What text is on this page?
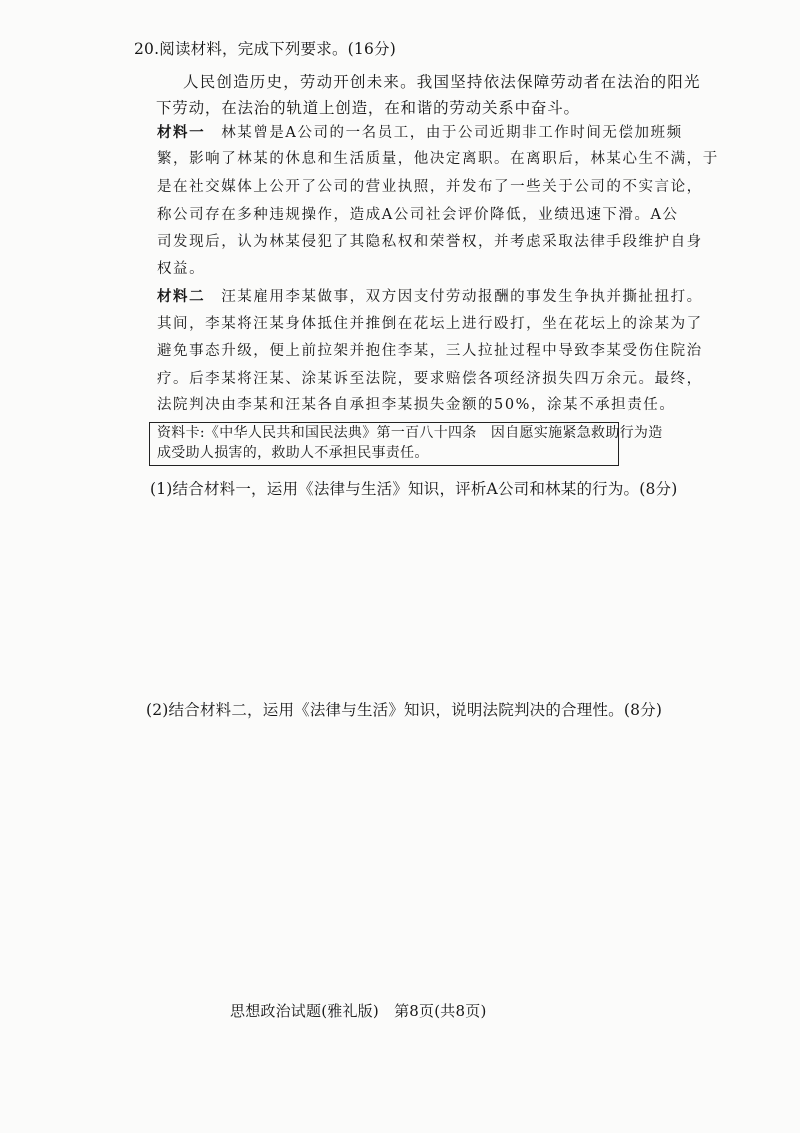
20.阅读材料，完成下列要求。(16分)
人民创造历史，劳动开创未来。我国坚持依法保障劳动者在法治的阳光
下劳动，在法治的轨道上创造，在和谐的劳动关系中奋斗。
材料一　 林某曾是A公司的一名员工，由于公司近期非工作时间无偿加班频
繁，影响了林某的休息和生活质量，他决定离职。在离职后，林某心生不满，于
是在社交媒体上公开了公司的营业执照，并发布了一些关于公司的不实言论，
称公司存在多种违规操作，造成A公司社会评价降低，业绩迅速下滑。A公
司发现后，认为林某侵犯了其隐私权和荣誉权，并考虑采取法律手段维护自身
权益。
材料二　 汪某雇用李某做事，双方因支付劳动报酬的事发生争执并撕扯扭打。
其间，李某将汪某身体抵住并推倒在花坛上进行殴打，坐在花坛上的涂某为了
避免事态升级，便上前拉架并抱住李某，三人拉扯过程中导致李某受伤住院治
疗。后李某将汪某、涂某诉至法院，要求赔偿各项经济损失四万余元。最终，
法院判决由李某和汪某各自承担李某损失金额的50%，涂某不承担责任。
资料卡:《中华人民共和国民法典》第一百八十四条　因自愿实施紧急救助行为造
成受助人损害的，救助人不承担民事责任。
(1)结合材料一，运用《法律与生活》知识，评析A公司和林某的行为。(8分)
(2)结合材料二，运用《法律与生活》知识，说明法院判决的合理性。(8分)
思想政治试题(雅礼版)　第8页(共8页)
